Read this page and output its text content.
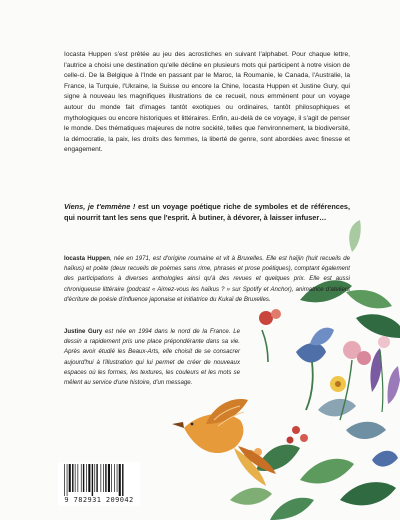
Iocasta Huppen s'est prêtée au jeu des acrostiches en suivant l'alphabet. Pour chaque lettre, l'autrice a choisi une destination qu'elle décline en plusieurs mots qui participent à notre vision de celle-ci. De la Belgique à l'Inde en passant par le Maroc, la Roumanie, le Canada, l'Australie, la France, la Turquie, l'Ukraine, la Suisse ou encore la Chine, Iocasta Huppen et Justine Gury, qui signe à nouveau les magnifiques illustrations de ce recueil, nous emmènent pour un voyage autour du monde fait d'images tantôt exotiques ou ordinaires, tantôt philosophiques et mythologiques ou encore historiques et littéraires. Enfin, au-delà de ce voyage, il s'agit de penser le monde. Des thématiques majeures de notre société, telles que l'environnement, la biodiversité, la démocratie, la paix, les droits des femmes, la liberté de genre, sont abordées avec finesse et engagement.

Viens, je t'emmène ! est un voyage poétique riche de symboles et de références, qui nourrit tant les sens que l'esprit. À butiner, à dévorer, à laisser infuser…

Iocasta Huppen, née en 1971, est d'origine roumaine et vit à Bruxelles. Elle est haïjin (huit recueils de haïkus) et poète (deux recueils de poèmes sans rime, phrases et prose poétiques), comptant également des participations à diverses anthologies ainsi qu'à des revues et quelques prix. Elle est aussi chroniqueuse littéraire (podcast « Aimez-vous les haïkus ? » sur Spotify et Anchor), animatrice d'ateliers d'écriture de poésie d'influence japonaise et initiatrice du Kukaï de Bruxelles.

Justine Gury est née en 1994 dans le nord de la France. Le dessin a rapidement pris une place prépondérante dans sa vie. Après avoir étudié les Beaux-Arts, elle choisit de se consacrer aujourd'hui à l'illustration qui lui permet de créer de nouveaux espaces où les formes, les textures, les couleurs et les mots se mêlent au service d'une histoire, d'un message.

9 782931 209042
